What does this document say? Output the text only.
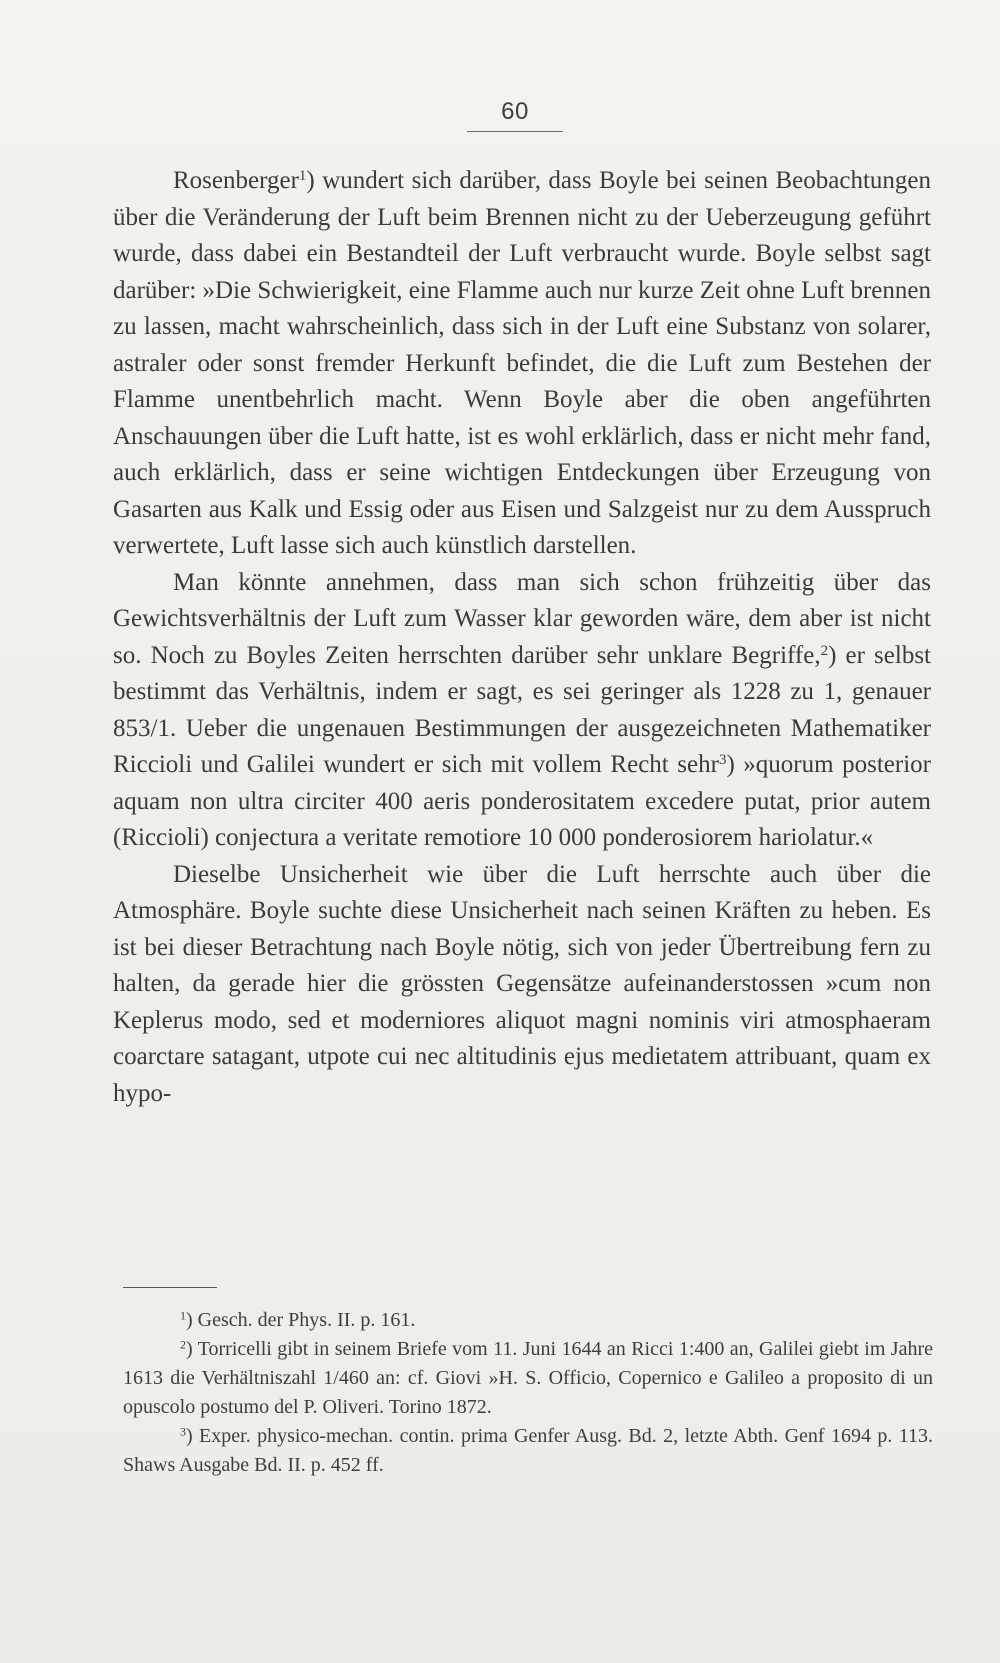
60

Rosenberger$^1$) wundert sich darüber, dass Boyle bei seinen Beobachtungen über die Veränderung der Luft beim Brennen nicht zu der Ueberzeugung geführt wurde, dass dabei ein Bestandteil der Luft verbraucht wurde. Boyle selbst sagt darüber: »Die Schwierigkeit, eine Flamme auch nur kurze Zeit ohne Luft brennen zu lassen, macht wahrscheinlich, dass sich in der Luft eine Substanz von solarer, astraler oder sonst fremder Herkunft befindet, die die Luft zum Bestehen der Flamme unentbehrlich macht. Wenn Boyle aber die oben angeführten Anschauungen über die Luft hatte, ist es wohl erklärlich, dass er nicht mehr fand, auch erklärlich, dass er seine wichtigen Entdeckungen über Erzeugung von Gasarten aus Kalk und Essig oder aus Eisen und Salzgeist nur zu dem Ausspruch verwertete, Luft lasse sich auch künstlich darstellen.

Man könnte annehmen, dass man sich schon frühzeitig über das Gewichtsverhältnis der Luft zum Wasser klar geworden wäre, dem aber ist nicht so. Noch zu Boyles Zeiten herrschten darüber sehr unklare Begriffe,$^2$) er selbst bestimmt das Verhältnis, indem er sagt, es sei geringer als 1228 zu 1, genauer 853/1. Ueber die ungenauen Bestimmungen der ausgezeichneten Mathematiker Riccioli und Galilei wundert er sich mit vollem Recht sehr$^3$) »quorum posterior aquam non ultra circiter 400 aeris ponderositatem excedere putat, prior autem (Riccioli) conjectura a veritate remotiore 10 000 ponderosiorem hariolatur.«

Dieselbe Unsicherheit wie über die Luft herrschte auch über die Atmosphäre. Boyle suchte diese Unsicherheit nach seinen Kräften zu heben. Es ist bei dieser Betrachtung nach Boyle nötig, sich von jeder Übertreibung fern zu halten, da gerade hier die grössten Gegensätze aufeinanderstossen »cum non Keplerus modo, sed et moderniores aliquot magni nominis viri atmosphaeram coarctare satagant, utpote cui nec altitudinis ejus medietatem attribuant, quam ex hypo-

$^1$) Gesch. der Phys. II. p. 161.

$^2$) Torricelli gibt in seinem Briefe vom 11. Juni 1644 an Ricci 1:400 an, Galilei giebt im Jahre 1613 die Verhältniszahl 1/460 an: cf. Giovi »H. S. Officio, Copernico e Galileo a proposito di un opuscolo postumo del P. Oliveri. Torino 1872.

$^3$) Exper. physico-mechan. contin. prima Genfer Ausg. Bd. 2, letzte Abth. Genf 1694 p. 113. Shaws Ausgabe Bd. II. p. 452 ff.
